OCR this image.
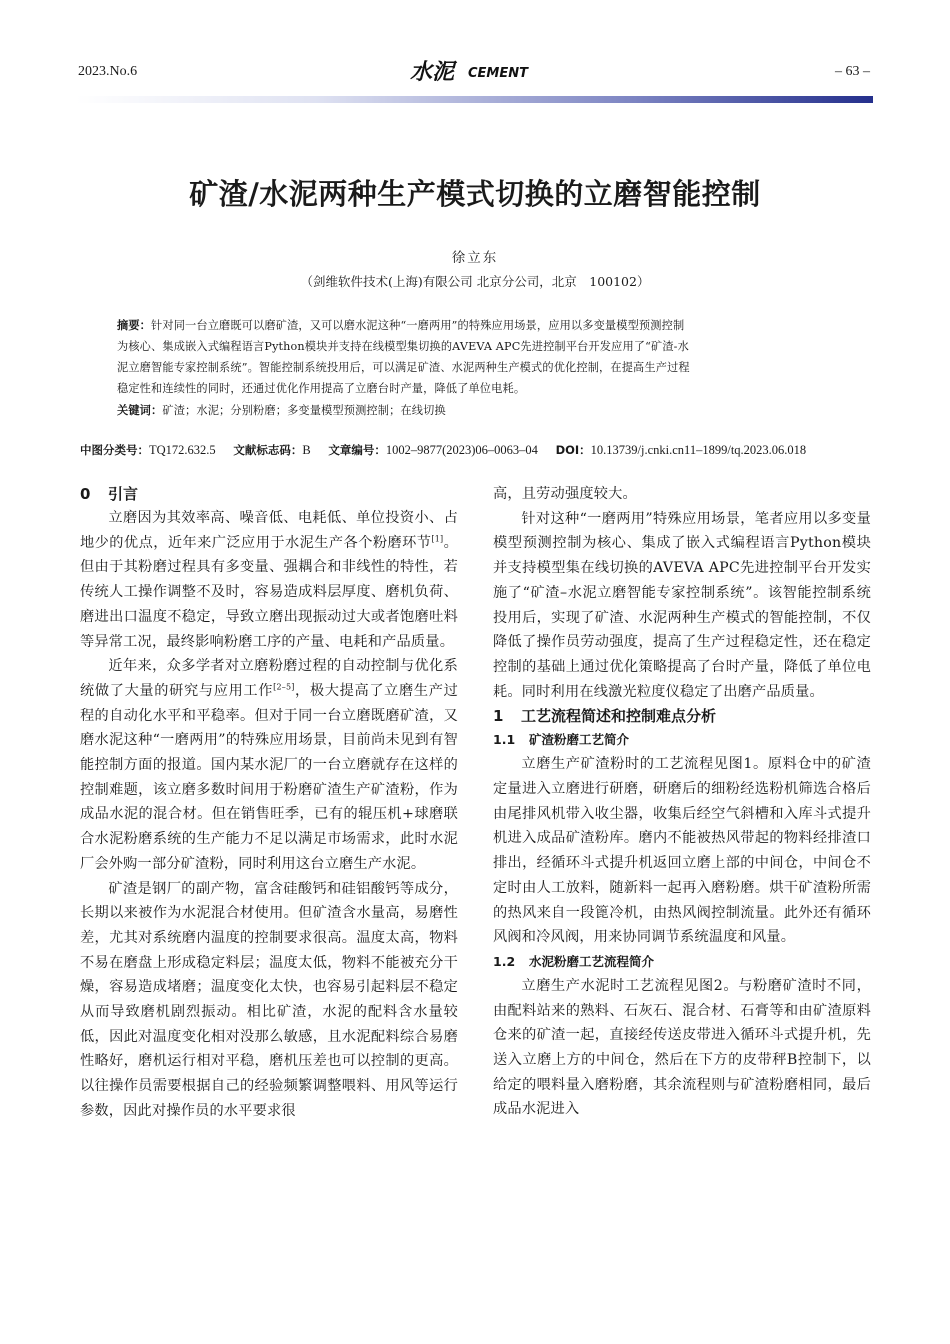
2023.No.6	水泥	CEMENT	– 63 –
矿渣/水泥两种生产模式切换的立磨智能控制
徐立东
（剑维软件技术(上海)有限公司 北京分公司，北京　100102）
摘要：针对同一台立磨既可以磨矿渣，又可以磨水泥这种“一磨两用”的特殊应用场景，应用以多变量模型预测控制
为核心、集成嵌入式编程语言Python模块并支持在线模型集切换的AVEVA APC先进控制平台开发应用了“矿渣-水
泥立磨智能专家控制系统”。智能控制系统投用后，可以满足矿渣、水泥两种生产模式的优化控制，在提高生产过程
稳定性和连续性的同时，还通过优化作用提高了立磨台时产量，降低了单位电耗。
关键词：矿渣；水泥；分别粉磨；多变量模型预测控制；在线切换
中图分类号：TQ172.632.5 文献标志码：B 文章编号：1002–9877(2023)06–0063–04 DOI：10.13739/j.cnki.cn11–1899/tq.2023.06.018
0 引言
立磨因为其效率高、噪音低、电耗低、单位投资小、占地少的优点，近年来广泛应用于水泥生产各个粉磨环节[1]。但由于其粉磨过程具有多变量、强耦合和非线性的特性，若传统人工操作调整不及时，容易造成料层厚度、磨机负荷、磨进出口温度不稳定，导致立磨出现振动过大或者饱磨吐料等异常工况，最终影响粉磨工序的产量、电耗和产品质量。
近年来，众多学者对立磨粉磨过程的自动控制与优化系统做了大量的研究与应用工作[2–5]，极大提高了立磨生产过程的自动化水平和平稳率。但对于同一台立磨既磨矿渣，又磨水泥这种“一磨两用”的特殊应用场景，目前尚未见到有智能控制方面的报道。国内某水泥厂的一台立磨就存在这样的控制难题，该立磨多数时间用于粉磨矿渣生产矿渣粉，作为成品水泥的混合材。但在销售旺季，已有的辊压机+球磨联合水泥粉磨系统的生产能力不足以满足市场需求，此时水泥厂会外购一部分矿渣粉，同时利用这台立磨生产水泥。
矿渣是钢厂的副产物，富含硅酸钙和硅铝酸钙等成分，长期以来被作为水泥混合材使用。但矿渣含水量高，易磨性差，尤其对系统磨内温度的控制要求很高。温度太高，物料不易在磨盘上形成稳定料层；温度太低，物料不能被充分干燥，容易造成堵磨；温度变化太快，也容易引起料层不稳定从而导致磨机剧烈振动。相比矿渣，水泥的配料含水量较低，因此对温度变化相对没那么敏感，且水泥配料综合易磨性略好，磨机运行相对平稳，磨机压差也可以控制的更高。以往操作员需要根据自己的经验频繁调整喂料、用风等运行参数，因此对操作员的水平要求很
高，且劳动强度较大。
针对这种“一磨两用”特殊应用场景，笔者应用以多变量模型预测控制为核心、集成了嵌入式编程语言Python模块并支持模型集在线切换的AVEVA APC先进控制平台开发实施了“矿渣–水泥立磨智能专家控制系统”。该智能控制系统投用后，实现了矿渣、水泥两种生产模式的智能控制，不仅降低了操作员劳动强度，提高了生产过程稳定性，还在稳定控制的基础上通过优化策略提高了台时产量，降低了单位电耗。同时利用在线激光粒度仪稳定了出磨产品质量。
1 工艺流程简述和控制难点分析
1.1 矿渣粉磨工艺简介
立磨生产矿渣粉时的工艺流程见图1。原料仓中的矿渣定量进入立磨进行研磨，研磨后的细粉经选粉机筛选合格后由尾排风机带入收尘器，收集后经空气斜槽和入库斗式提升机进入成品矿渣粉库。磨内不能被热风带起的物料经排渣口排出，经循环斗式提升机返回立磨上部的中间仓，中间仓不定时由人工放料，随新料一起再入磨粉磨。烘干矿渣粉所需的热风来自一段篦冷机，由热风阀控制流量。此外还有循环风阀和冷风阀，用来协同调节系统温度和风量。
1.2 水泥粉磨工艺流程简介
立磨生产水泥时工艺流程见图2。与粉磨矿渣时不同，由配料站来的熟料、石灰石、混合材、石膏等和由矿渣原料仓来的矿渣一起，直接经传送皮带进入循环斗式提升机，先送入立磨上方的中间仓，然后在下方的皮带秤B控制下，以给定的喂料量入磨粉磨，其余流程则与矿渣粉磨相同，最后成品水泥进入
